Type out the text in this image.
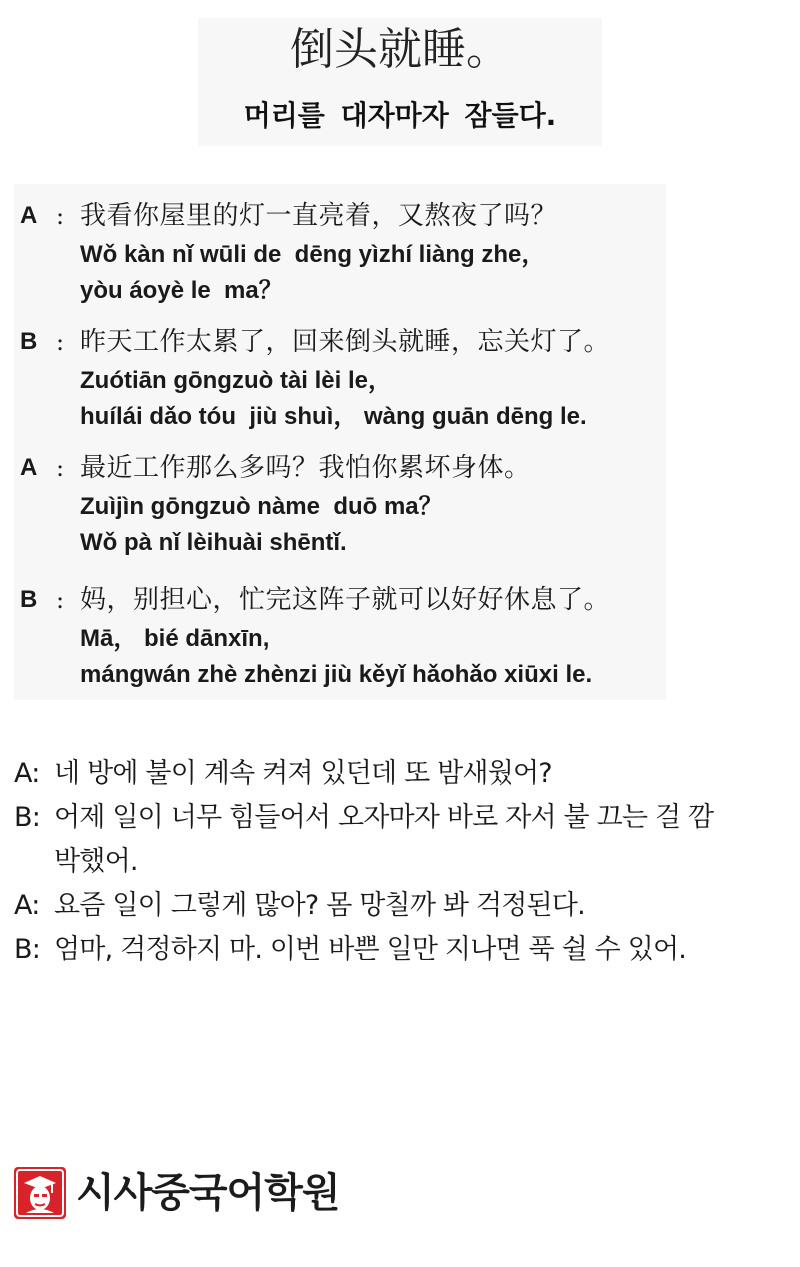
倒头就睡。
머리를 대자마자 잠들다.
A : 我看你屋里的灯一直亮着，又熬夜了吗？
Wǒ kàn nǐ wūli de  dēng yìzhí liàng zhe，
yòu áoyè le  ma？
B : 昨天工作太累了，回来倒头就睡，忘关灯了。
Zuótiān gōngzuò tài lèi le，
huílái dǎo tóu  jiù shuì， wàng guān dēng le.
A : 最近工作那么多吗？我怕你累坏身体。
Zuìjìn gōngzuò nàme  duō ma？
Wǒ pà nǐ lèihuài shēntǐ.
B : 妈，别担心，忙完这阵子就可以好好休息了。
Mā， bié dānxīn,
mángwán zhè zhènzi jiù kěyǐ hǎohǎo xiūxi le.
A: 네 방에 불이 계속 켜져 있던데 또 밤새웠어?
B: 어제 일이 너무 힘들어서 오자마자 바로 자서 불 끄는 걸 깜
박했어.
A: 요즘 일이 그렇게 많아? 몸 망칠까 봐 걱정된다.
B: 엄마, 걱정하지 마. 이번 바쁜 일만 지나면 푹 쉴 수 있어.
시사중국어학원
